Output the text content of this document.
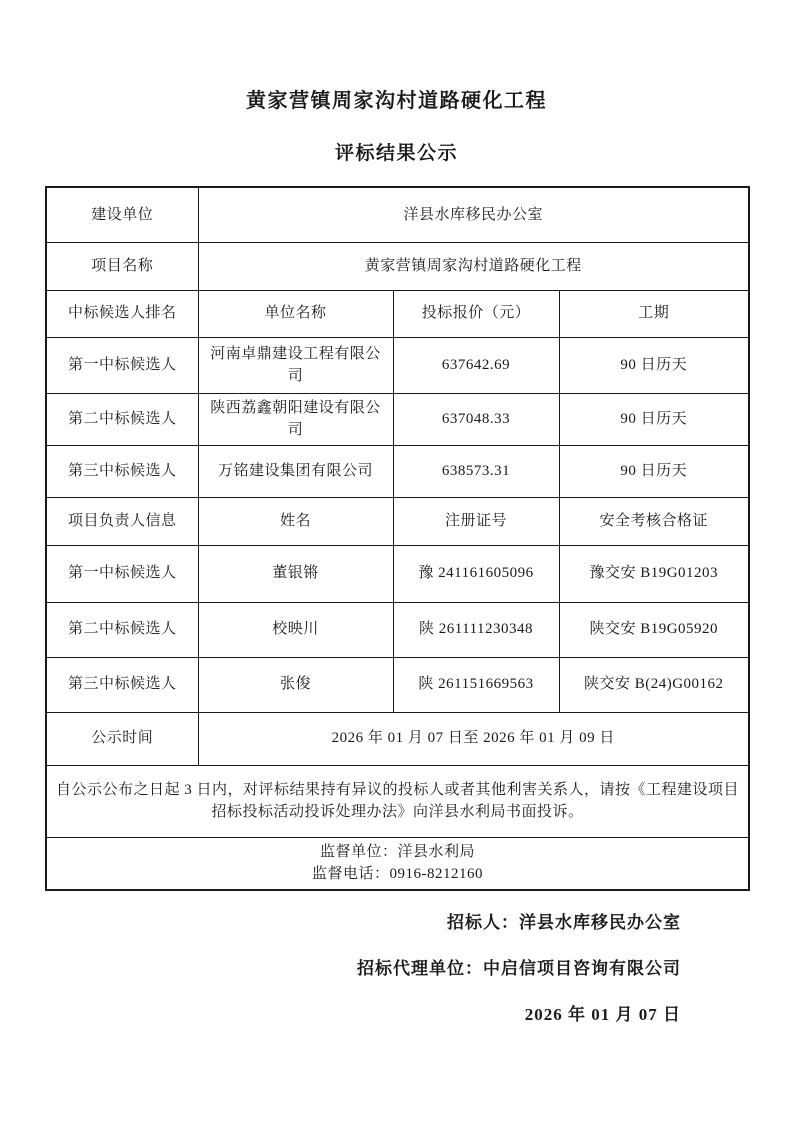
黄家营镇周家沟村道路硬化工程
评标结果公示
建设单位	洋县水库移民办公室		
项目名称	黄家营镇周家沟村道路硬化工程		
中标候选人排名	单位名称	投标报价（元）	工期
第一中标候选人	河南卓鼎建设工程有限公司	637642.69	90 日历天
第二中标候选人	陕西荔鑫朝阳建设有限公司	637048.33	90 日历天
第三中标候选人	万铭建设集团有限公司	638573.31	90 日历天
项目负责人信息	姓名	注册证号	安全考核合格证
第一中标候选人	董银锵	豫 241161605096	豫交安 B19G01203
第二中标候选人	校映川	陕 261111230348	陕交安 B19G05920
第三中标候选人	张俊	陕 261151669563	陕交安 B(24)G00162
公示时间	2026 年 01 月 07 日至 2026 年 01 月 09 日		
自公示公布之日起 3 日内，对评标结果持有异议的投标人或者其他利害关系人，请按《工程建设项目招标投标活动投诉处理办法》向洋县水利局书面投诉。			

监督单位：洋县水利局
监督电话：0916-8212160			

招标人：洋县水库移民办公室

招标代理单位：中启信项目咨询有限公司

2026 年 01 月 07 日
